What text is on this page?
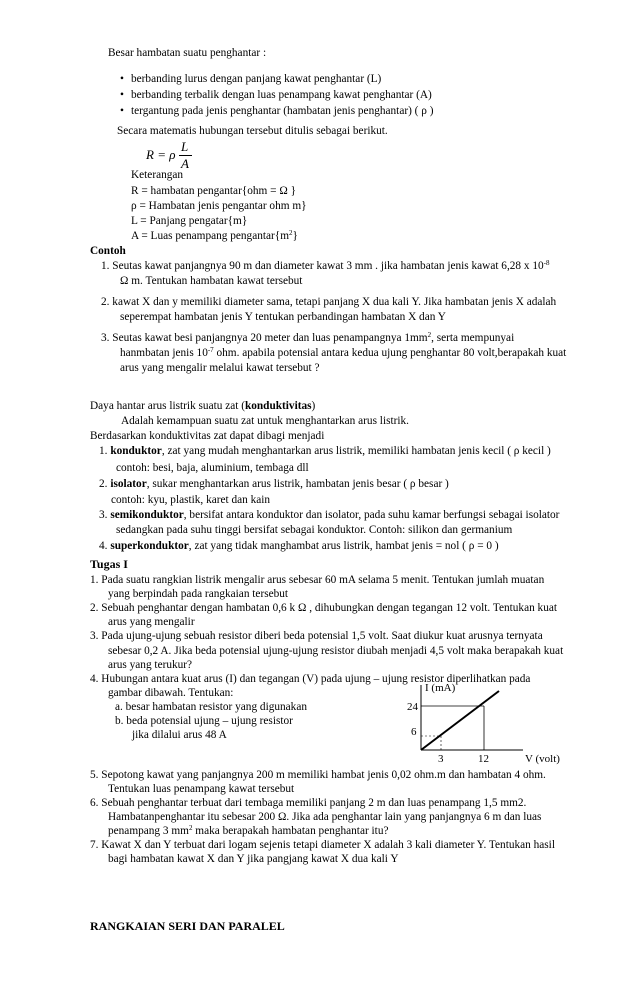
Besar hambatan suatu penghantar :
• berbanding lurus dengan panjang kawat penghantar (L)
• berbanding terbalik dengan luas penampang kawat penghantar (A)
• tergantung pada jenis penghantar (hambatan jenis penghantar) ( ρ )
Secara matematis hubungan tersebut ditulis sebagai berikut.
R = ρ
L
A
Keterangan
R = hambatan pengantar{ohm = Ω }
ρ = Hambatan jenis pengantar ohm m}
L = Panjang pengatar{m}
A = Luas penampang $pengantar\{m^2\}$
Contoh
1. Seutas kawat panjangnya 90 m dan diameter kawat 3 mm . jika hambatan jenis kawat 6,28 x $10^{-8}$
Ω m. Tentukan hambatan kawat tersebut
2. kawat X dan y memiliki diameter sama, tetapi panjang X dua kali Y. Jika hambatan jenis X adalah
seperempat hambatan jenis Y tentukan perbandingan hambatan X dan Y
3. Seutas kawat besi panjangnya 20 meter dan luas penampangnya $1mm^2$, serta mempunyai
hanmbatan jenis $10^{-7}$ ohm. apabila potensial antara kedua ujung penghantar 80 volt,berapakah kuat
arus yang mengalir melalui kawat tersebut ?
Daya hantar arus listrik suatu zat (konduktivitas)
Adalah kemampuan suatu zat untuk menghantarkan arus listrik.
Berdasarkan konduktivitas zat dapat dibagi menjadi
1. konduktor, zat yang mudah menghantarkan arus listrik, memiliki hambatan jenis kecil ( ρ kecil )
contoh: besi, baja, aluminium, tembaga dll
2. isolator, sukar menghantarkan arus listrik, hambatan jenis besar ( ρ besar )
contoh: kyu, plastik, karet dan kain
3. semikonduktor, bersifat antara konduktor dan isolator, pada suhu kamar berfungsi sebagai isolator
sedangkan pada suhu tinggi bersifat sebagai konduktor. Contoh: silikon dan germanium
4. superkonduktor, zat yang tidak manghambat arus listrik, hambat jenis = nol ( ρ = 0 )
Tugas I
1. Pada suatu rangkian listrik mengalir arus sebesar 60 mA selama 5 menit. Tentukan jumlah muatan
yang berpindah pada rangkaian tersebut
2. Sebuah penghantar dengan hambatan 0,6 k Ω , dihubungkan dengan tegangan 12 volt. Tentukan kuat
arus yang mengalir
3. Pada ujung-ujung sebuah resistor diberi beda potensial 1,5 volt. Saat diukur kuat arusnya ternyata
sebesar 0,2 A. Jika beda potensial ujung-ujung resistor diubah menjadi 4,5 volt maka berapakah kuat
arus yang terukur?
4. Hubungan antara kuat arus (I) dan tegangan (V) pada ujung – ujung resistor diperlihatkan pada
gambar dibawah. Tentukan:
a. besar hambatan resistor yang digunakan
b. beda potensial ujung – ujung resistor
jika dilalui arus 48 A
I (mA)
24
6
3	12	V (volt)
5. Sepotong kawat yang panjangnya 200 m memiliki hambat jenis 0,02 ohm.m dan hambatan 4 ohm.
Tentukan luas penampang kawat tersebut
6. Sebuah penghantar terbuat dari tembaga memiliki panjang 2 m dan luas penampang 1,5 mm2.
Hambatanpenghantar itu sebesar 200 Ω. Jika ada penghantar lain yang panjangnya 6 m dan luas
penampang 3 $mm^2$ maka berapakah hambatan penghantar itu?
7. Kawat X dan Y terbuat dari logam sejenis tetapi diameter X adalah 3 kali diameter Y. Tentukan hasil
bagi hambatan kawat X dan Y jika pangjang kawat X dua kali Y
RANGKAIAN SERI DAN PARALEL
